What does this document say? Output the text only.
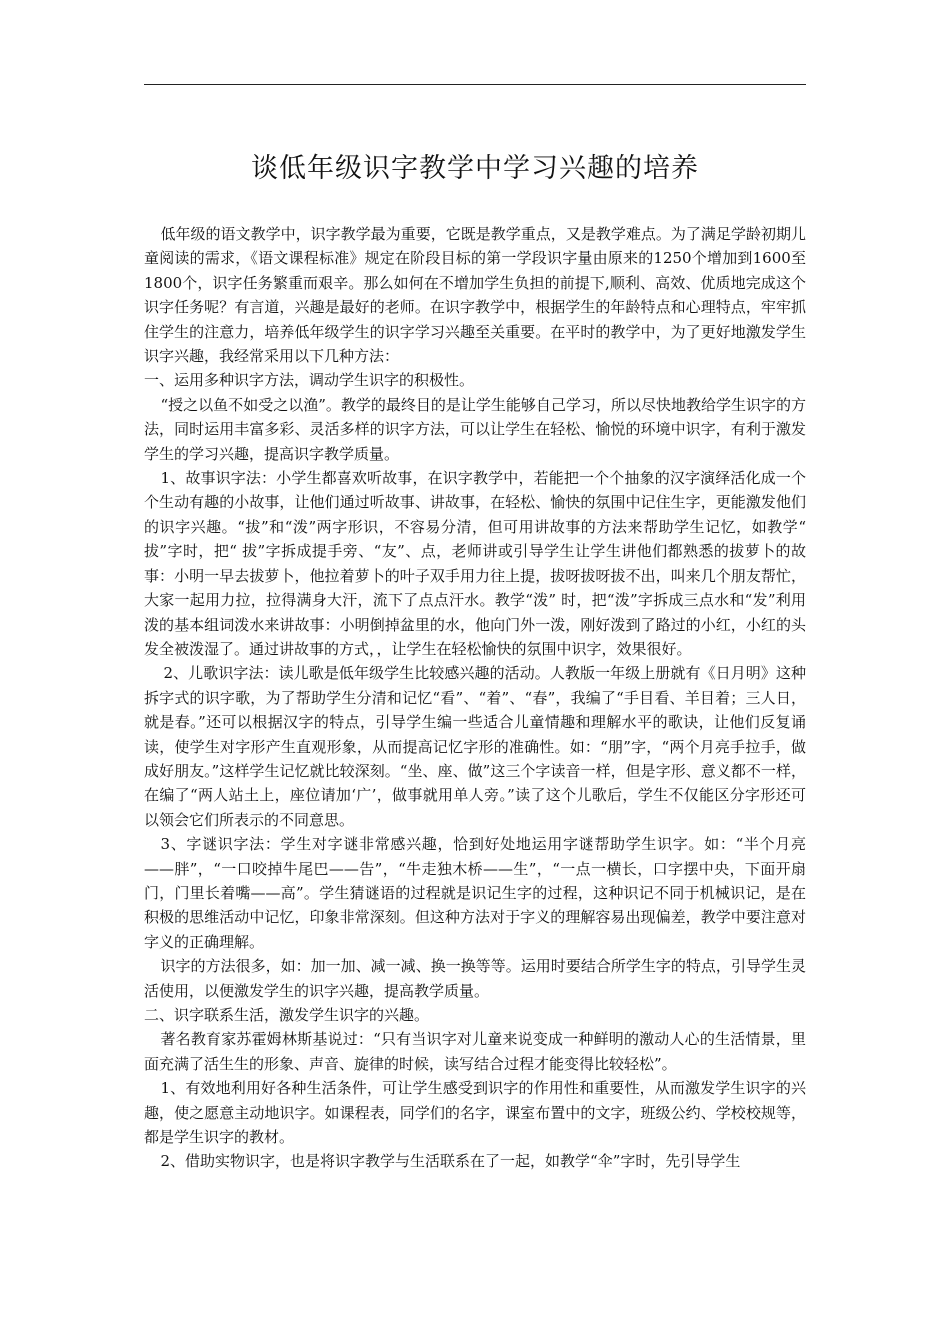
谈低年级识字教学中学习兴趣的培养

低年级的语文教学中，识字教学最为重要，它既是教学重点，又是教学难点。为了满足学龄初期儿童阅读的需求，《语文课程标准》规定在阶段目标的第一学段识字量由原来的1250个增加到1600至1800个，识字任务繁重而艰辛。那么如何在不增加学生负担的前提下,顺利、高效、优质地完成这个识字任务呢？有言道，兴趣是最好的老师。在识字教学中，根据学生的年龄特点和心理特点，牢牢抓住学生的注意力，培养低年级学生的识字学习兴趣至关重要。在平时的教学中，为了更好地激发学生识字兴趣，我经常采用以下几种方法：

一、运用多种识字方法，调动学生识字的积极性。

“授之以鱼不如受之以渔”。教学的最终目的是让学生能够自己学习，所以尽快地教给学生识字的方法，同时运用丰富多彩、灵活多样的识字方法，可以让学生在轻松、愉悦的环境中识字，有利于激发学生的学习兴趣，提高识字教学质量。

1、故事识字法：小学生都喜欢听故事，在识字教学中，若能把一个个抽象的汉字演绎活化成一个个生动有趣的小故事，让他们通过听故事、讲故事，在轻松、愉快的氛围中记住生字，更能激发他们的识字兴趣。“拔”和“泼”两字形识，不容易分清，但可用讲故事的方法来帮助学生记忆，如教学“ 拔”字时，把“ 拔”字拆成提手旁、“友”、点，老师讲或引导学生让学生讲他们都熟悉的拔萝卜的故事：小明一早去拔萝卜，他拉着萝卜的叶子双手用力往上提，拔呀拔呀拔不出，叫来几个朋友帮忙，大家一起用力拉，拉得满身大汗，流下了点点汗水。教学“泼” 时，把“泼”字拆成三点水和“发”利用泼的基本组词泼水来讲故事：小明倒掉盆里的水，他向门外一泼，刚好泼到了路过的小红，小红的头发全被泼湿了。通过讲故事的方式，，让学生在轻松愉快的氛围中识字，效果很好。

2、儿歌识字法：读儿歌是低年级学生比较感兴趣的活动。人教版一年级上册就有《日月明》这种拆字式的识字歌，为了帮助学生分清和记忆“看”、“着”、“春”，我编了“手目看、羊目着；三人日，就是春。”还可以根据汉字的特点，引导学生编一些适合儿童情趣和理解水平的歌诀，让他们反复诵读，使学生对字形产生直观形象，从而提高记忆字形的准确性。如：“朋”字，“两个月亮手拉手，做成好朋友。”这样学生记忆就比较深刻。“坐、座、做”这三个字读音一样，但是字形、意义都不一样，在编了“两人站土上，座位请加‘广’，做事就用单人旁。”读了这个儿歌后，学生不仅能区分字形还可以领会它们所表示的不同意思。

3、字谜识字法：学生对字谜非常感兴趣，恰到好处地运用字谜帮助学生识字。如：“半个月亮——胖”，“一口咬掉牛尾巴——告”，“牛走独木桥——生”，“一点一横长，口字摆中央，下面开扇门，门里长着嘴——高”。学生猜谜语的过程就是识记生字的过程，这种识记不同于机械识记，是在积极的思维活动中记忆，印象非常深刻。但这种方法对于字义的理解容易出现偏差，教学中要注意对字义的正确理解。

识字的方法很多，如：加一加、减一减、换一换等等。运用时要结合所学生字的特点，引导学生灵活使用，以便激发学生的识字兴趣，提高教学质量。

二、识字联系生活，激发学生识字的兴趣。

著名教育家苏霍姆林斯基说过：“只有当识字对儿童来说变成一种鲜明的激动人心的生活情景，里面充满了活生生的形象、声音、旋律的时候，读写结合过程才能变得比较轻松”。

1、有效地利用好各种生活条件，可让学生感受到识字的作用性和重要性，从而激发学生识字的兴趣，使之愿意主动地识字。如课程表，同学们的名字，课室布置中的文字，班级公约、学校校规等，都是学生识字的教材。

2、借助实物识字，也是将识字教学与生活联系在了一起，如教学“伞”字时，先引导学生
